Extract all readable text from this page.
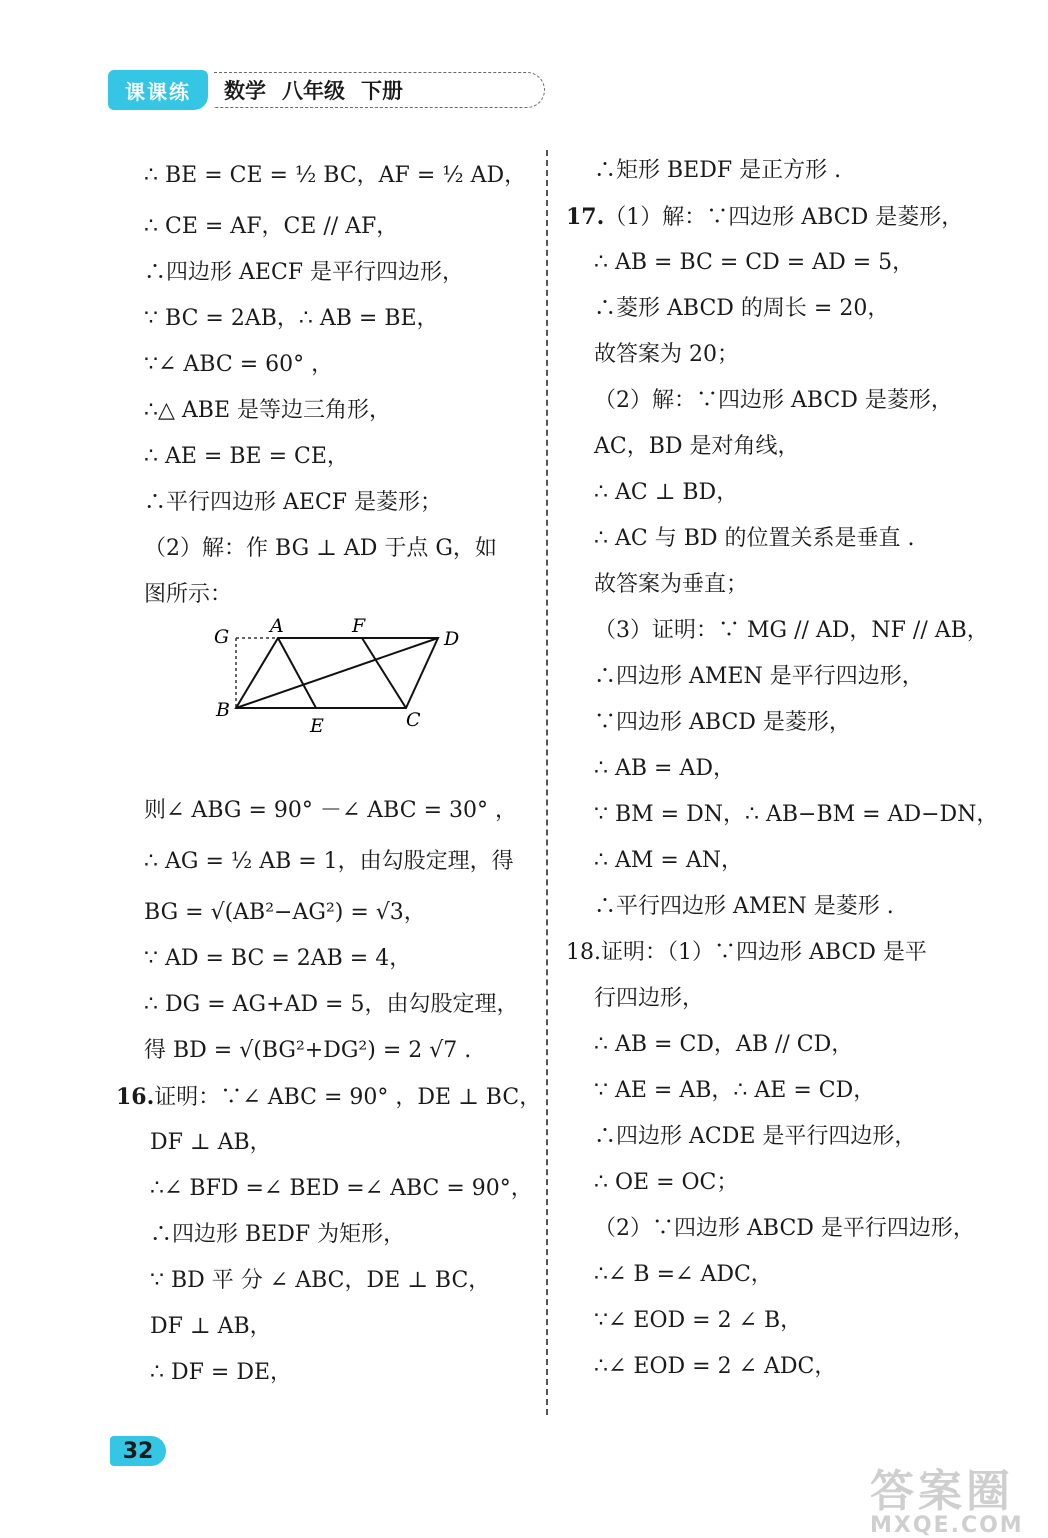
课课练	数学 八年级 下册
∴ BE = CE = ½ BC，AF = ½ AD，
∴ CE = AF，CE // AF，
∴四边形 AECF 是平行四边形，
∵ BC = 2AB，∴ AB = BE，
∵∠ ABC = 60° ，
∴△ ABE 是等边三角形，
∴ AE = BE = CE，
∴平行四边形 AECF 是菱形；
（2）解：作 BG ⊥ AD 于点 G，如
图所示：
G A	F
D
B
E	C
则∠ ABG = 90° －∠ ABC = 30° ，
∴ AG = ½ AB = 1，由勾股定理，得
BG = √(AB²−AG²) = √3，
∵ AD = BC = 2AB = 4，
∴ DG = AG+AD = 5，由勾股定理，
得 BD = √(BG²+DG²) = 2 √7 .
16.证明：∵∠ ABC = 90° ，DE ⊥ BC，
DF ⊥ AB，
∴∠ BFD =∠ BED =∠ ABC = 90°，
∴四边形 BEDF 为矩形，
∵ BD 平 分 ∠ ABC，DE ⊥ BC，
DF ⊥ AB，
∴ DF = DE，
∴矩形 BEDF 是正方形 .
17.（1）解：∵四边形 ABCD 是菱形，
∴ AB = BC = CD = AD = 5，
∴菱形 ABCD 的周长 = 20，
故答案为 20；
（2）解：∵四边形 ABCD 是菱形，
AC，BD 是对角线，
∴ AC ⊥ BD，
∴ AC 与 BD 的位置关系是垂直 .
故答案为垂直；
（3）证明：∵ MG // AD，NF // AB，
∴四边形 AMEN 是平行四边形，
∵四边形 ABCD 是菱形，
∴ AB = AD，
∵ BM = DN，∴ AB−BM = AD−DN，
∴ AM = AN，
∴平行四边形 AMEN 是菱形 .
18.证明：（1）∵四边形 ABCD 是平
行四边形，
∴ AB = CD，AB // CD，
∵ AE = AB，∴ AE = CD，
∴四边形 ACDE 是平行四边形，
∴ OE = OC；
（2）∵四边形 ABCD 是平行四边形，
∴∠ B =∠ ADC，
∵∠ EOD = 2 ∠ B，
∴∠ EOD = 2 ∠ ADC，
32
答案圈
MXQE.COM
